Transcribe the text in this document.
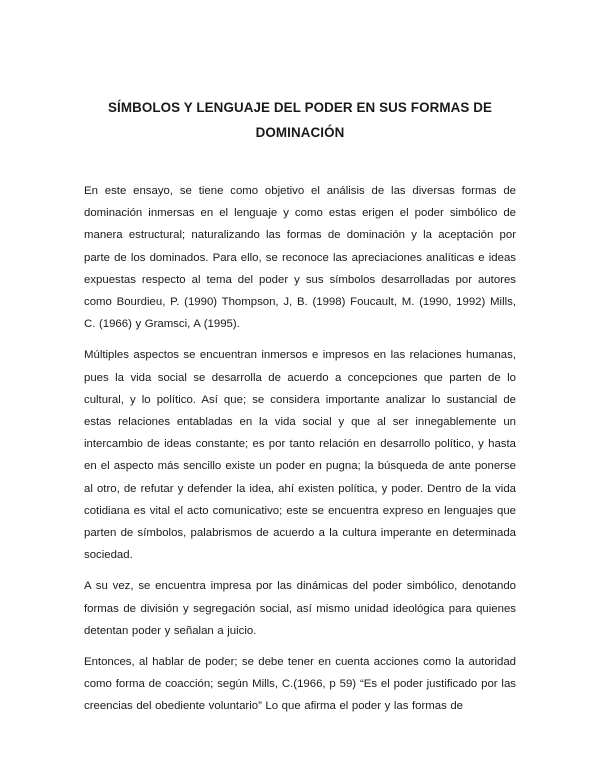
SÍMBOLOS Y LENGUAJE DEL PODER EN SUS FORMAS DE
DOMINACIÓN

En este ensayo, se tiene como objetivo el análisis de las diversas formas de dominación inmersas en el lenguaje y como estas erigen el poder simbólico de manera estructural; naturalizando las formas de dominación y la aceptación por parte de los dominados. Para ello, se reconoce las apreciaciones analíticas e ideas expuestas respecto al tema del poder y sus símbolos desarrolladas por autores como Bourdieu, P. (1990) Thompson, J, B. (1998) Foucault, M. (1990, 1992) Mills, C. (1966) y Gramsci, A (1995).

Múltiples aspectos se encuentran inmersos e impresos en las relaciones humanas, pues la vida social se desarrolla de acuerdo a concepciones que parten de lo cultural, y lo político. Así que; se considera importante analizar lo sustancial de estas relaciones entabladas en la vida social y que al ser innegablemente un intercambio de ideas constante; es por tanto relación en desarrollo político, y hasta en el aspecto más sencillo existe un poder en pugna; la búsqueda de ante ponerse al otro, de refutar y defender la idea, ahí existen política, y poder. Dentro de la vida cotidiana es vital el acto comunicativo; este se encuentra expreso en lenguajes que parten de símbolos, palabrismos de acuerdo a la cultura imperante en determinada sociedad.

A su vez, se encuentra impresa por las dinámicas del poder simbólico, denotando formas de división y segregación social, así mismo unidad ideológica para quienes detentan poder y señalan a juicio.

Entonces, al hablar de poder; se debe tener en cuenta acciones como la autoridad como forma de coacción; según Mills, C.(1966, p 59) “Es el poder justificado por las creencias del obediente voluntario” Lo que afirma el poder y las formas de
